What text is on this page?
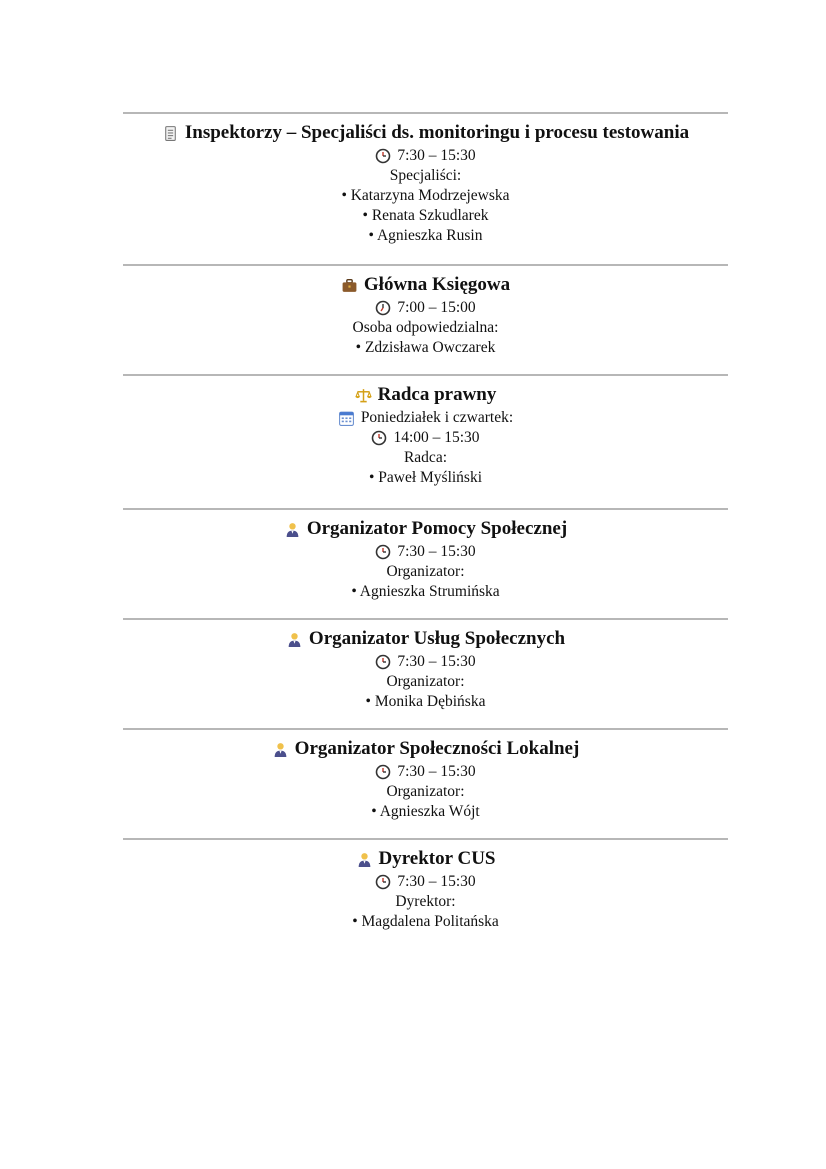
Inspektorzy – Specjaliści ds. monitoringu i procesu testowania
7:30 – 15:30
Specjaliści:
• Katarzyna Modrzejewska
• Renata Szkudlarek
• Agnieszka Rusin
Główna Księgowa
7:00 – 15:00
Osoba odpowiedzialna:
• Zdzisława Owczarek
Radca prawny
Poniedziałek i czwartek:
14:00 – 15:30
Radca:
• Paweł Myśliński
Organizator Pomocy Społecznej
7:30 – 15:30
Organizator:
• Agnieszka Strumińska
Organizator Usług Społecznych
7:30 – 15:30
Organizator:
• Monika Dębińska
Organizator Społeczności Lokalnej
7:30 – 15:30
Organizator:
• Agnieszka Wójt
Dyrektor CUS
7:30 – 15:30
Dyrektor:
• Magdalena Politańska
